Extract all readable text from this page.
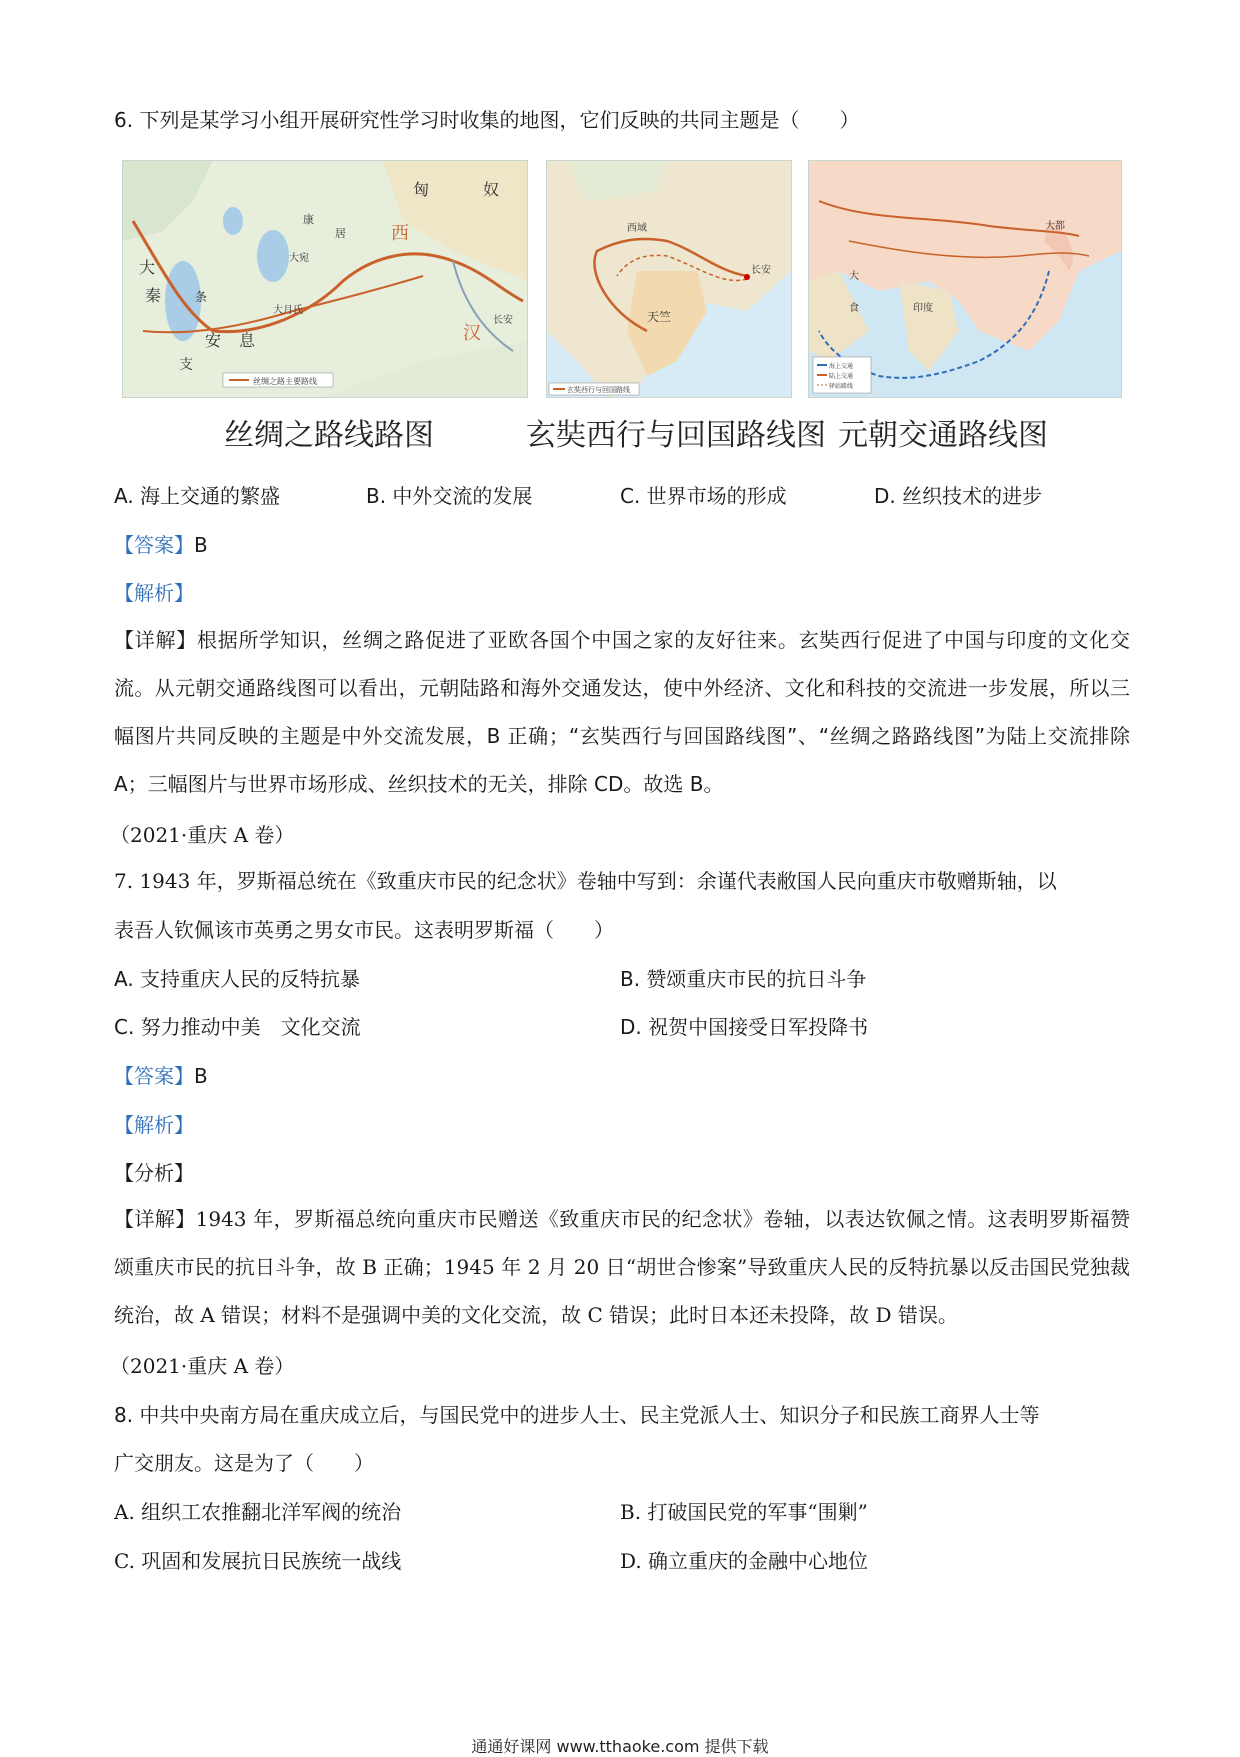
6. 下列是某学习小组开展研究性学习时收集的地图，它们反映的共同主题是（　　）
丝绸之路主要路线
大
秦	条
支
安 息
大月氏
西
汉
长安
匈	奴
康
居
大宛
玄奘西行与回国路线
长安
天竺
西域
海上交通
陆上交通
驿站路线
大都
印度
大
食
丝绸之路线路图	玄奘西行与回国路线图 元朝交通路线图
A. 海上交通的繁盛	B. 中外交流的发展	C. 世界市场的形成	D. 丝织技术的进步
【答案】B
【解析】
【详解】根据所学知识，丝绸之路促进了亚欧各国个中国之家的友好往来。玄奘西行促进了中国与印度的文化交流。从元朝交通路线图可以看出，元朝陆路和海外交通发达，使中外经济、文化和科技的交流进一步发展，所以三幅图片共同反映的主题是中外交流发展，B 正确；“玄奘西行与回国路线图”、“丝绸之路路线图”为陆上交流排除 A；三幅图片与世界市场形成、丝织技术的无关，排除 CD。故选 B。
（2021·重庆 A 卷）
7. 1943 年，罗斯福总统在《致重庆市民的纪念状》卷轴中写到：余谨代表敝国人民向重庆市敬赠斯轴，以
表吾人钦佩该市英勇之男女市民。这表明罗斯福（　　）
A. 支持重庆人民的反特抗暴	B. 赞颂重庆市民的抗日斗争
C. 努力推动中美　文化交流	D. 祝贺中国接受日军投降书
【答案】B
【解析】
【分析】
【详解】1943 年，罗斯福总统向重庆市民赠送《致重庆市民的纪念状》卷轴，以表达钦佩之情。这表明罗斯福赞颂重庆市民的抗日斗争，故 B 正确；1945 年 2 月 20 日“胡世合惨案”导致重庆人民的反特抗暴以反击国民党独裁统治，故 A 错误；材料不是强调中美的文化交流，故 C 错误；此时日本还未投降，故 D 错误。
（2021·重庆 A 卷）
8. 中共中央南方局在重庆成立后，与国民党中的进步人士、民主党派人士、知识分子和民族工商界人士等
广交朋友。这是为了（　　）
A. 组织工农推翻北洋军阀的统治	B. 打破国民党的军事“围剿”
C. 巩固和发展抗日民族统一战线	D. 确立重庆的金融中心地位
通通好课网 www.tthaoke.com 提供下载
